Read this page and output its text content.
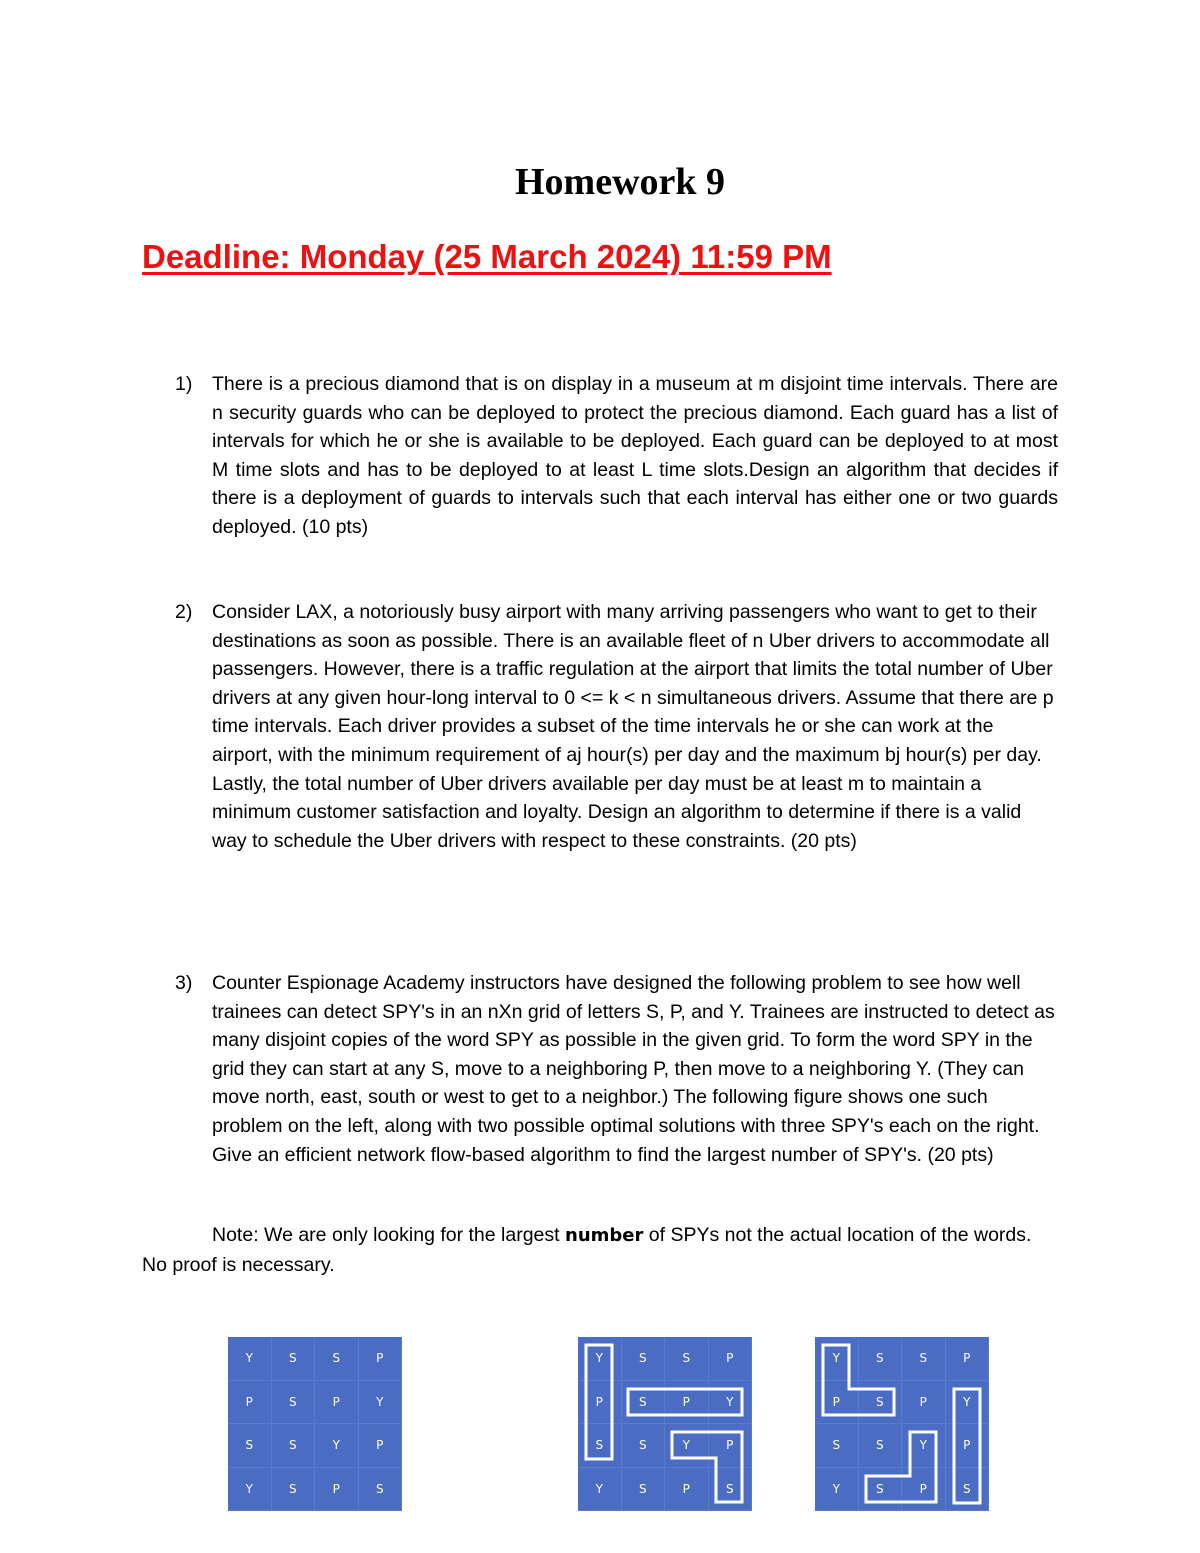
Homework 9
Deadline: Monday (25 March 2024) 11:59 PM
1) There is a precious diamond that is on display in a museum at m disjoint time intervals. There are n security guards who can be deployed to protect the precious diamond. Each guard has a list of intervals for which he or she is available to be deployed. Each guard can be deployed to at most M time slots and has to be deployed to at least L time slots.Design an algorithm that decides if there is a deployment of guards to intervals such that each interval has either one or two guards deployed. (10 pts)
2) Consider LAX, a notoriously busy airport with many arriving passengers who want to get to their destinations as soon as possible. There is an available fleet of n Uber drivers to accommodate all passengers. However, there is a traffic regulation at the airport that limits the total number of Uber drivers at any given hour-long interval to 0 <= k < n simultaneous drivers. Assume that there are p time intervals. Each driver provides a subset of the time intervals he or she can work at the airport, with the minimum requirement of aj hour(s) per day and the maximum bj hour(s) per day. Lastly, the total number of Uber drivers available per day must be at least m to maintain a minimum customer satisfaction and loyalty. Design an algorithm to determine if there is a valid way to schedule the Uber drivers with respect to these constraints. (20 pts)
3) Counter Espionage Academy instructors have designed the following problem to see how well trainees can detect SPY's in an nXn grid of letters S, P, and Y. Trainees are instructed to detect as many disjoint copies of the word SPY as possible in the given grid. To form the word SPY in the grid they can start at any S, move to a neighboring P, then move to a neighboring Y. (They can move north, east, south or west to get to a neighbor.) The following figure shows one such problem on the left, along with two possible optimal solutions with three SPY's each on the right. Give an efficient network flow-based algorithm to find the largest number of SPY's. (20 pts)
Note: We are only looking for the largest number of SPYs not the actual location of the words. No proof is necessary.
Y	S	S	P
P	S	P	Y
S	S	Y	P
Y	S	P	S
Y	S	S	P
P	S	P	Y
S	S	Y	P
Y	S	P	S
Y	S	S	P
P	S	P	Y
S	S	Y	P
Y	S	P	S
